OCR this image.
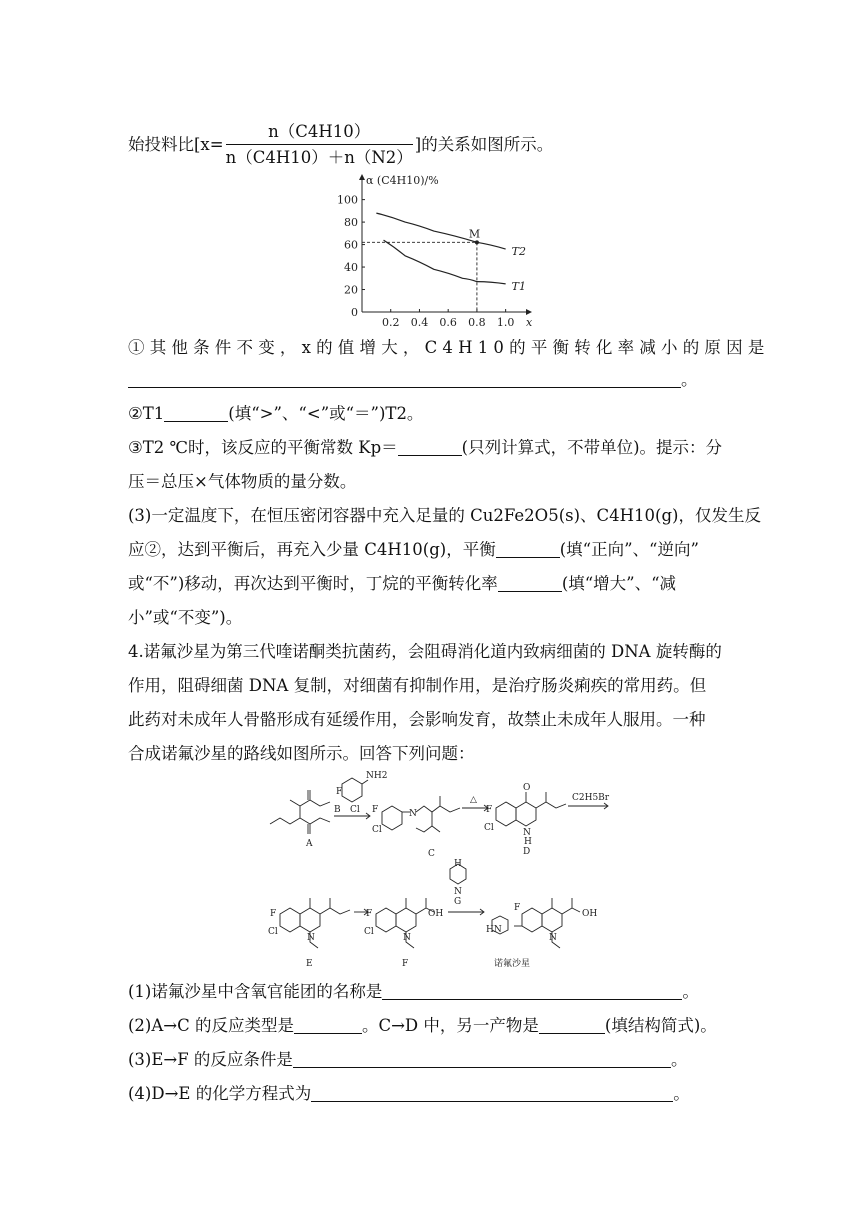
始投料比[$x= \frac{n(C4H10)}{n(C4H10)+n(N2)}$ ]的关系如图所示。
0
20
40
60
80
100
0.2 0.4 0.6 0.8 1.0 x
α (C4H10)/%
T2
T1
M
①其他条件不变，x的值增大，C4H10的平衡转化率减小的原因是
。
②T1	(填“>”、“<”或“＝”)T2。
③T2 ℃时，该反应的平衡常数 Kp＝	(只列计算式，不带单位)。提示：分
压＝总压×气体物质的量分数。
(3)一定温度下，在恒压密闭容器中充入足量的 Cu2Fe2O5(s)、C4H10(g)，仅发生反
应②，达到平衡后，再充入少量 C4H10(g)，平衡	(填“正向”、“逆向”
或“不”)移动，再次达到平衡时，丁烷的平衡转化率	(填“增大”、“减
小”或“不变”)。
4.诺氟沙星为第三代喹诺酮类抗菌药，会阻碍消化道内致病细菌的 DNA 旋转酶的
作用，阻碍细菌 DNA 复制，对细菌有抑制作用，是治疗肠炎痢疾的常用药。但
此药对未成年人骨骼形成有延缓作用，会影响发育，故禁止未成年人服用。一种
合成诺氟沙星的路线如图所示。回答下列问题：
A
B
NH2
F
Cl F
Cl
N
C
△
F
Cl
O
N
H
D
C2H5Br
F
Cl
N
E
F
Cl
N
OH
F
H
N
G
F
HN
N
OH
诺氟沙星
(1)诺氟沙星中含氧官能团的名称是	。
(2)A→C 的反应类型是	。C→D 中，另一产物是	(填结构简式)。
(3)E→F 的反应条件是	。
(4)D→E 的化学方程式为	。
